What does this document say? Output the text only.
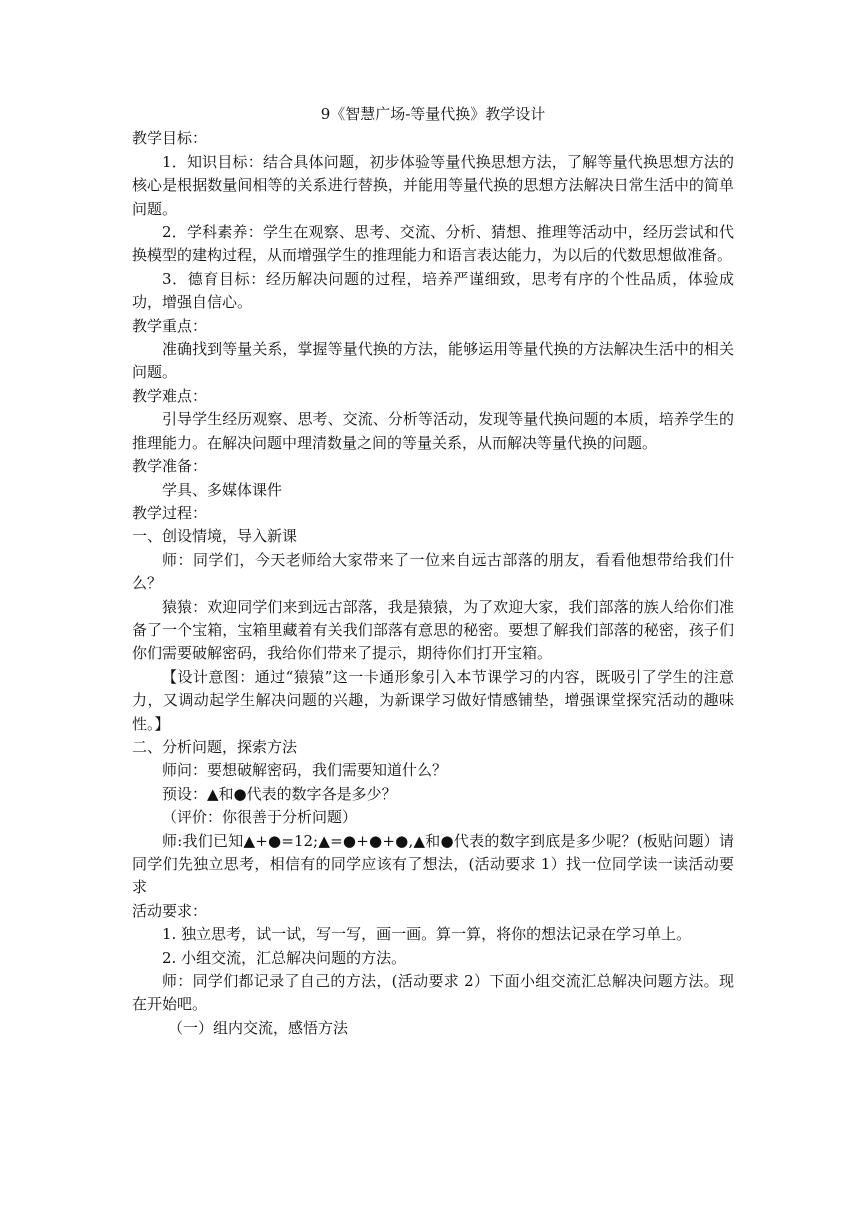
9《智慧广场-等量代换》教学设计

教学目标：

1．知识目标：结合具体问题，初步体验等量代换思想方法，了解等量代换思想方法的核心是根据数量间相等的关系进行替换，并能用等量代换的思想方法解决日常生活中的简单问题。

2．学科素养：学生在观察、思考、交流、分析、猜想、推理等活动中，经历尝试和代换模型的建构过程，从而增强学生的推理能力和语言表达能力，为以后的代数思想做准备。

3．德育目标：经历解决问题的过程，培养严谨细致，思考有序的个性品质，体验成功，增强自信心。

教学重点：

准确找到等量关系，掌握等量代换的方法，能够运用等量代换的方法解决生活中的相关问题。

教学难点：

引导学生经历观察、思考、交流、分析等活动，发现等量代换问题的本质，培养学生的推理能力。在解决问题中理清数量之间的等量关系，从而解决等量代换的问题。

教学准备：

学具、多媒体课件

教学过程：

一、创设情境，导入新课

师：同学们，今天老师给大家带来了一位来自远古部落的朋友，看看他想带给我们什么？

猿猿：欢迎同学们来到远古部落，我是猿猿，为了欢迎大家，我们部落的族人给你们准备了一个宝箱，宝箱里藏着有关我们部落有意思的秘密。要想了解我们部落的秘密，孩子们你们需要破解密码，我给你们带来了提示，期待你们打开宝箱。

【设计意图：通过“猿猿”这一卡通形象引入本节课学习的内容，既吸引了学生的注意力，又调动起学生解决问题的兴趣，为新课学习做好情感铺垫，增强课堂探究活动的趣味性。】

二、分析问题，探索方法

师问：要想破解密码，我们需要知道什么？

预设：▲和●代表的数字各是多少？

（评价：你很善于分析问题）

师:我们已知▲+●=12;▲=●+●+●,▲和●代表的数字到底是多少呢？(板贴问题）请同学们先独立思考，相信有的同学应该有了想法，(活动要求 1）找一位同学读一读活动要求

活动要求：

1. 独立思考，试一试，写一写，画一画。算一算，将你的想法记录在学习单上。

2. 小组交流，汇总解决问题的方法。

师：同学们都记录了自己的方法，(活动要求 2）下面小组交流汇总解决问题方法。现在开始吧。

（一）组内交流，感悟方法
